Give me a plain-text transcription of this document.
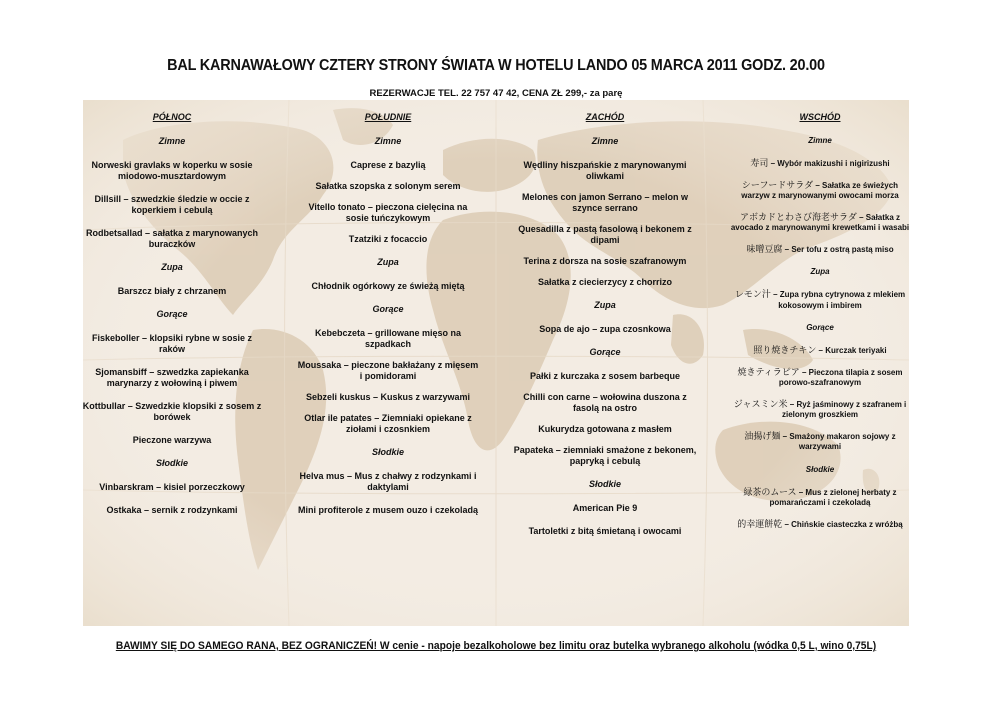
BAL KARNAWAŁOWY CZTERY STRONY ŚWIATA W HOTELU LANDO 05 MARCA 2011 GODZ. 20.00
REZERWACJE TEL. 22 757 47 42, CENA ZŁ 299,- za parę
PÓŁNOC
Zimne
Norweski gravlaks w koperku w sosie miodowo-musztardowym
Dillsill – szwedzkie śledzie w occie z koperkiem i cebulą
Rodbetsallad – sałatka z marynowanych buraczków
Zupa
Barszcz biały z chrzanem
Gorące
Fiskeboller – klopsiki rybne w sosie z raków
Sjomansbiff – szwedzka zapiekanka marynarzy z wołowiną i piwem
Kottbullar – Szwedzkie klopsiki z sosem z borówek
Pieczone warzywa
Słodkie
Vinbarskram – kisiel porzeczkowy
Ostkaka – sernik z rodzynkami
POŁUDNIE
Zimne
Caprese z bazylią
Sałatka szopska z solonym serem
Vitello tonato – pieczona cielęcina na sosie tuńczykowym
Tzatziki z focaccio
Zupa
Chłodnik ogórkowy ze świeżą miętą
Gorące
Kebebczeta – grillowane mięso na szpadkach
Moussaka – pieczone bakłażany z mięsem i pomidorami
Sebzeli kuskus – Kuskus z warzywami
Otlar ile patates – Ziemniaki opiekane z ziołami i czosnkiem
Słodkie
Helva mus – Mus z chałwy z rodzynkami i daktylami
Mini profiterole z musem ouzo i czekoladą
ZACHÓD
Zimne
Wędliny hiszpańskie z marynowanymi oliwkami
Melones con jamon Serrano – melon w szynce serrano
Quesadilla z pastą fasolową i bekonem z dipami
Terina z dorsza na sosie szafranowym
Sałatka z ciecierzycy z chorrizo
Zupa
Sopa de ajo – zupa czosnkowa
Gorące
Pałki z kurczaka z sosem barbeque
Chilli con carne – wołowina duszona z fasolą na ostro
Kukurydza gotowana z masłem
Papateka – ziemniaki smażone z bekonem, papryką i cebulą
Słodkie
American Pie 9
Tartoletki z bitą śmietaną i owocami
WSCHÓD
Zimne
寿司 – Wybór makizushi i nigirizushi
シーフードサラダ – Sałatka ze świeżych warzyw z marynowanymi owocami morza
アボカドとわさび海老サラダ – Sałatka z avocado z marynowanymi krewetkami i wasabi
味噌豆腐 – Ser tofu z ostrą pastą miso
Zupa
レモン汁 – Zupa rybna cytrynowa z mlekiem kokosowym i imbirem
Gorące
照り焼きチキン – Kurczak teriyaki
焼きティラピア – Pieczona tilapia z sosem porowo-szafranowym
ジャスミン米 – Ryż jaśminowy z szafranem i zielonym groszkiem
油揚げ麺 – Smażony makaron sojowy z warzywami
Słodkie
緑茶のムース – Mus z zielonej herbaty z pomarańczami i czekoladą
的幸運餅乾 – Chińskie ciasteczka z wróżbą
BAWIMY SIĘ DO SAMEGO RANA, BEZ OGRANICZEŃ! W cenie - napoje bezalkoholowe bez limitu oraz butelka wybranego alkoholu (wódka 0,5 L, wino 0,75L)
